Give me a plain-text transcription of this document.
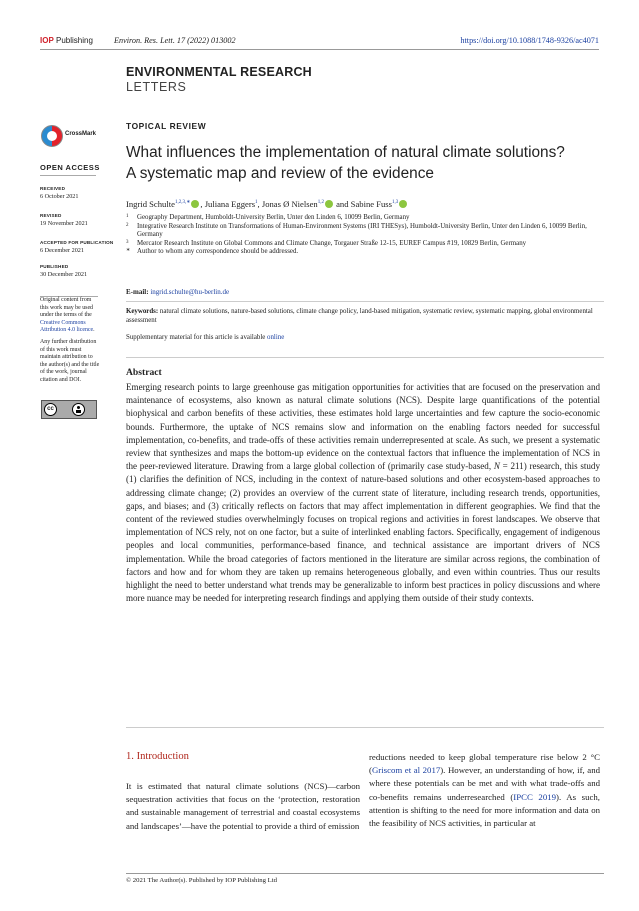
IOP Publishing	Environ. Res. Lett. 17 (2022) 013002	https://doi.org/10.1088/1748-9326/ac4071
ENVIRONMENTAL RESEARCH
LETTERS
CrossMark
OPEN ACCESS
RECEIVED
6 October 2021
REVISED
19 November 2021
ACCEPTED FOR PUBLICATION
6 December 2021
PUBLISHED
30 December 2021

Original content from this work may be used under the terms of the Creative Commons Attribution 4.0 licence.

Any further distribution of this work must maintain attribution to the author(s) and the title of the work, journal citation and DOI.

cc
TOPICAL REVIEW
What influences the implementation of natural climate solutions?
A systematic map and review of the evidence
Ingrid Schulte$^{1,2,3,∗}$ , Juliana Eggers$^1$, Jonas Ø Nielsen$^{1,2}$ and Sabine Fuss$^{1,3}$
1 Geography Department, Humboldt-University Berlin, Unter den Linden 6, 10099 Berlin, Germany
2 Integrative Research Institute on Transformations of Human-Environment Systems (IRI THESys), Humboldt-University Berlin, Unter den Linden 6, 10099 Berlin, Germany
3 Mercator Research Institute on Global Commons and Climate Change, Torgauer Straße 12-15, EUREF Campus #19, 10829 Berlin, Germany
∗ Author to whom any correspondence should be addressed.
E-mail: ingrid.schulte@hu-berlin.de
Keywords: natural climate solutions, nature-based solutions, climate change policy, land-based mitigation, systematic review, systematic mapping, global environmental assessment
Supplementary material for this article is available online
Abstract
Emerging research points to large greenhouse gas mitigation opportunities for activities that are focused on the preservation and maintenance of ecosystems, also known as natural climate solutions (NCS). Despite large quantifications of the potential biophysical and carbon benefits of these activities, these estimates hold large uncertainties and few capture the socio-economic bounds. Furthermore, the uptake of NCS remains slow and information on the enabling factors needed for successful implementation, co-benefits, and trade-offs of these activities remain underrepresented at scale. As such, we present a systematic review that synthesizes and maps the bottom-up evidence on the contextual factors that influence the implementation of NCS in the peer-reviewed literature. Drawing from a large global collection of (primarily case study-based, N = 211) research, this study (1) clarifies the definition of NCS, including in the context of nature-based solutions and other ecosystem-based approaches to addressing climate change; (2) provides an overview of the current state of literature, including research trends, opportunities, gaps, and biases; and (3) critically reflects on factors that may affect implementation in different geographies. We find that the content of the reviewed studies overwhelmingly focuses on tropical regions and activities in forest landscapes. We observe that implementation of NCS rely, not on one factor, but a suite of interlinked enabling factors. Specifically, engagement of indigenous peoples and local communities, performance-based finance, and technical assistance are important drivers of NCS implementation. While the broad categories of factors mentioned in the literature are similar across regions, the combination of factors and how and for whom they are taken up remains heterogeneous globally, and even within countries. Thus our results highlight the need to better understand what trends may be generalizable to inform best practices in policy discussions and where more nuance may be needed for interpreting research findings and applying them outside of their study contexts.
1. Introduction
It is estimated that natural climate solutions (NCS)—carbon sequestration activities that focus on the ‘protection, restoration and sustainable management of terrestrial and coastal ecosystems and landscapes’—have the potential to provide a third of emission
reductions needed to keep global temperature rise below 2 °C (Griscom et al 2017). However, an understanding of how, if, and where these potentials can be met and with what trade-offs and co-benefits remains underresearched (IPCC 2019). As such, attention is shifting to the need for more information and data on the feasibility of NCS activities, in particular at
© 2021 The Author(s). Published by IOP Publishing Ltd
